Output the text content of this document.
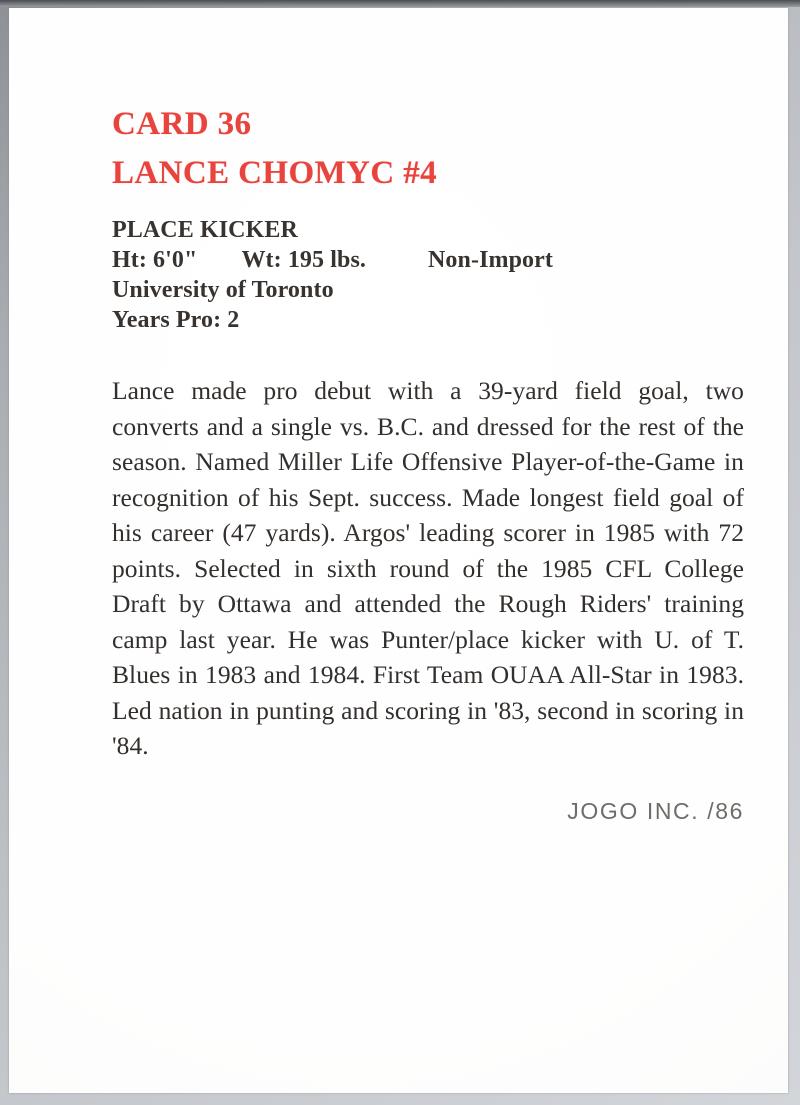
CARD 36
LANCE CHOMYC #4
PLACE KICKER
Ht: 6'0" Wt: 195 lbs.	Non-Import
University of Toronto
Years Pro: 2
Lance made pro debut with a 39-yard field goal, two converts and a single vs. B.C. and dressed for the rest of the season. Named Miller Life Offensive Player-of-the-Game in recognition of his Sept. success. Made longest field goal of his career (47 yards). Argos' leading scorer in 1985 with 72 points. Selected in sixth round of the 1985 CFL College Draft by Ottawa and attended the Rough Riders' training camp last year. He was Punter/place kicker with U. of T. Blues in 1983 and 1984. First Team OUAA All-Star in 1983. Led nation in punting and scoring in '83, second in scoring in '84.
JOGO INC. /86
